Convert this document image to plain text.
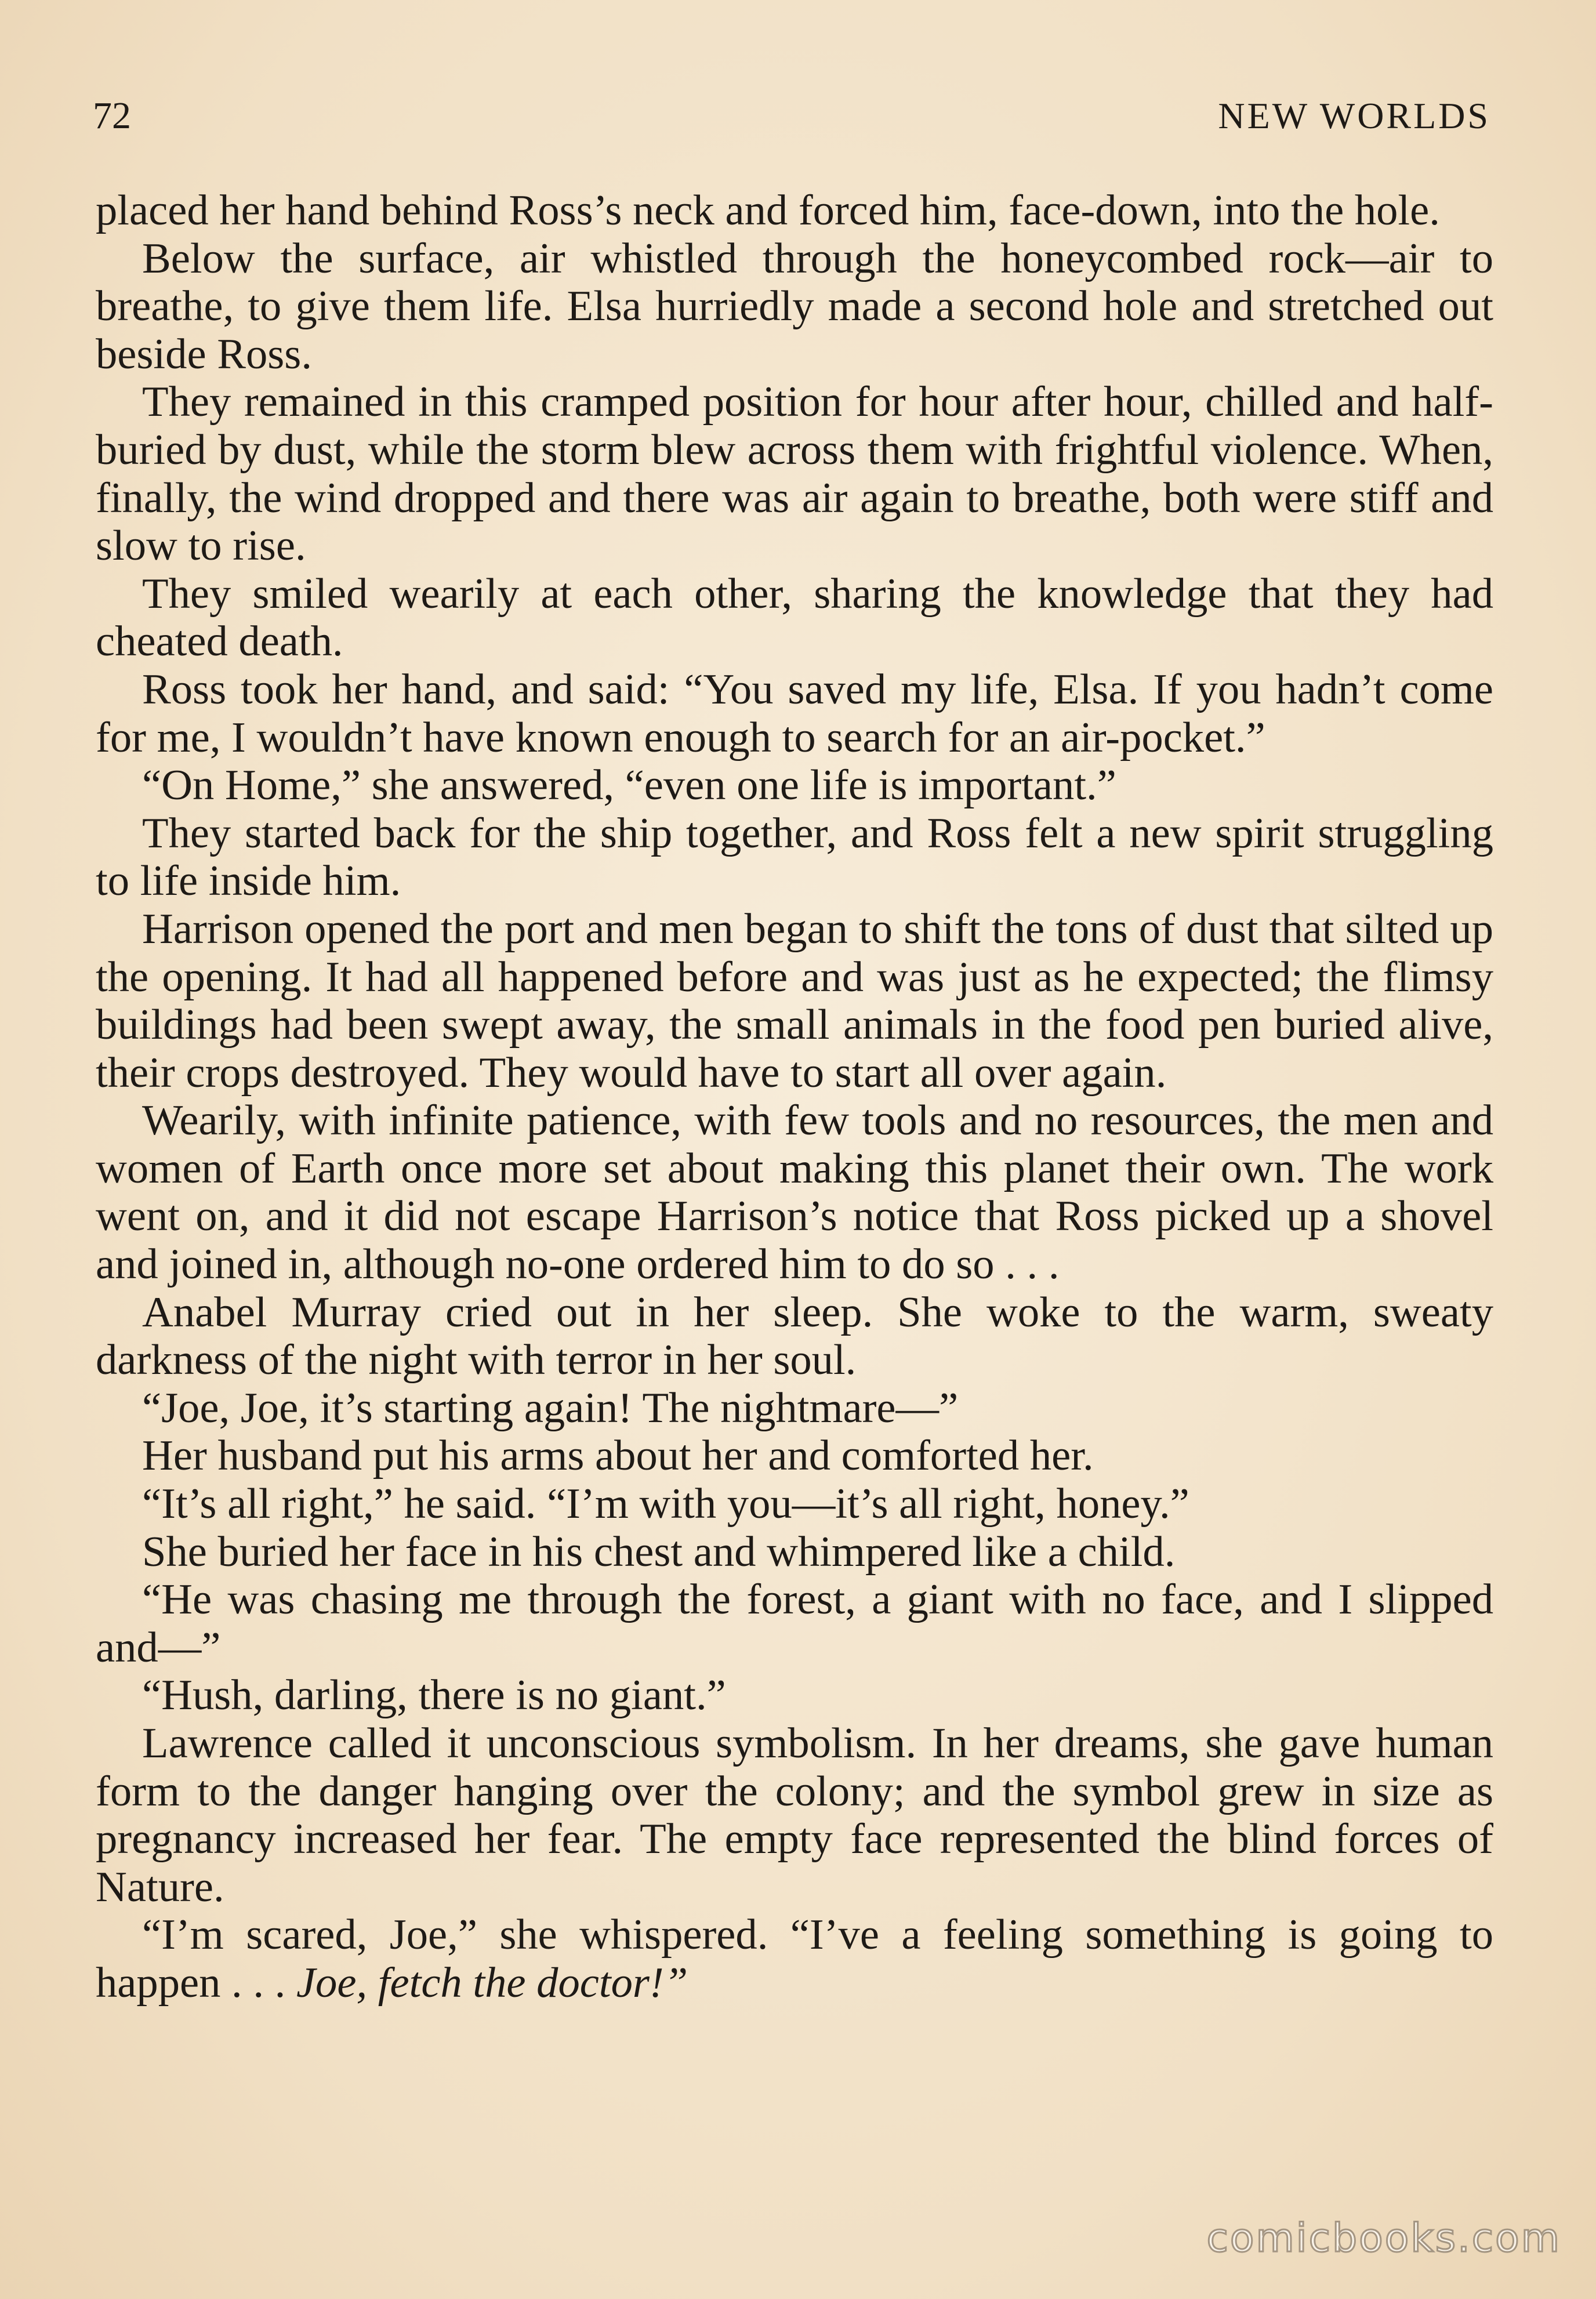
72	NEW WORLDS

placed her hand behind Ross’s neck and forced him, face-down, into the hole.

Below the surface, air whistled through the honeycombed rock—air to breathe, to give them life. Elsa hurriedly made a second hole and stretched out beside Ross.

They remained in this cramped position for hour after hour, chilled and half-buried by dust, while the storm blew across them with frightful violence. When, finally, the wind dropped and there was air again to breathe, both were stiff and slow to rise.

They smiled wearily at each other, sharing the knowledge that they had cheated death.

Ross took her hand, and said: “You saved my life, Elsa. If you hadn’t come for me, I wouldn’t have known enough to search for an air-pocket.”

“On Home,” she answered, “even one life is important.”

They started back for the ship together, and Ross felt a new spirit struggling to life inside him.

Harrison opened the port and men began to shift the tons of dust that silted up the opening. It had all happened before and was just as he expected; the flimsy buildings had been swept away, the small animals in the food pen buried alive, their crops destroyed. They would have to start all over again.

Wearily, with infinite patience, with few tools and no resources, the men and women of Earth once more set about making this planet their own. The work went on, and it did not escape Harrison’s notice that Ross picked up a shovel and joined in, although no-one ordered him to do so . . .

Anabel Murray cried out in her sleep. She woke to the warm, sweaty darkness of the night with terror in her soul.

“Joe, Joe, it’s starting again! The nightmare—”

Her husband put his arms about her and comforted her.

“It’s all right,” he said. “I’m with you—it’s all right, honey.”

She buried her face in his chest and whimpered like a child.

“He was chasing me through the forest, a giant with no face, and I slipped and—”

“Hush, darling, there is no giant.”

Lawrence called it unconscious symbolism. In her dreams, she gave human form to the danger hanging over the colony; and the symbol grew in size as pregnancy increased her fear. The empty face represented the blind forces of Nature.

“I’m scared, Joe,” she whispered. “I’ve a feeling something is going to happen . . . Joe, fetch the doctor!”

comicbooks.com
